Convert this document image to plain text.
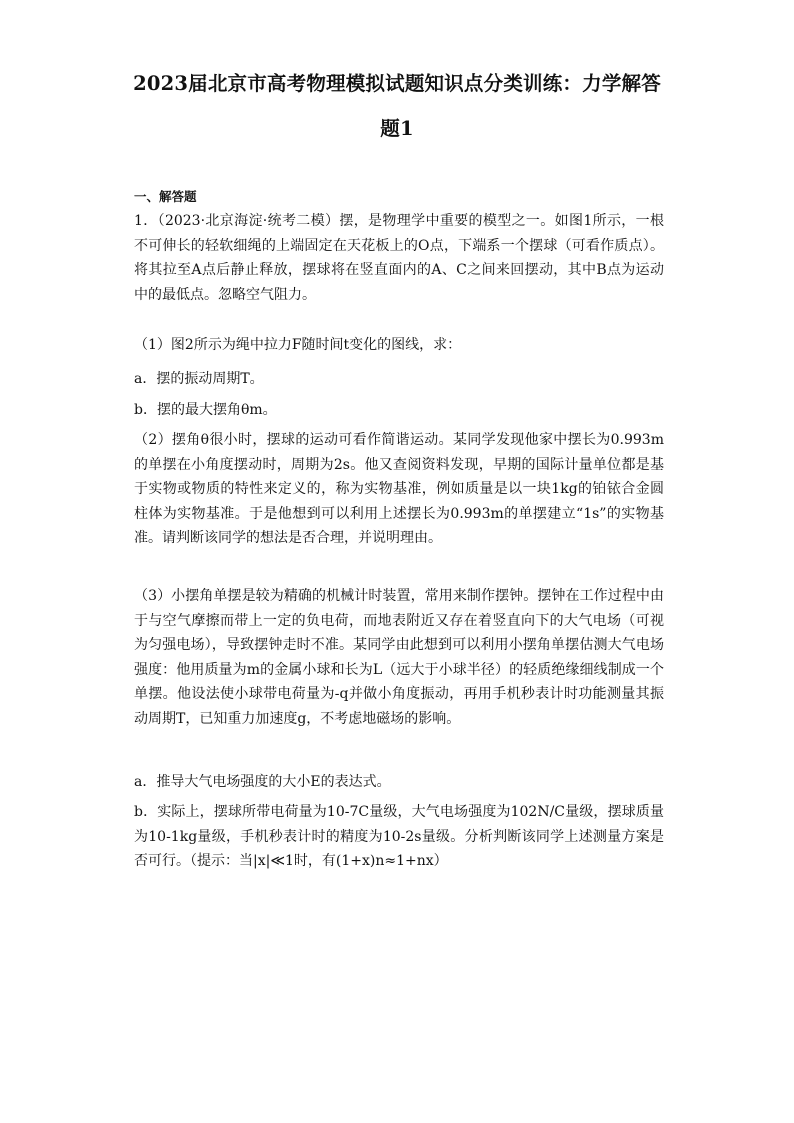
2023届北京市高考物理模拟试题知识点分类训练：力学解答
题1
一、解答题
1．（2023·北京海淀·统考二模）摆，是物理学中重要的模型之一。如图1所示，一根不可伸长的轻软细绳的上端固定在天花板上的O点，下端系一个摆球（可看作质点）。将其拉至A点后静止释放，摆球将在竖直面内的A、C之间来回摆动，其中B点为运动中的最低点。忽略空气阻力。
（1）图2所示为绳中拉力F随时间t变化的图线，求：
a．摆的振动周期T。
b．摆的最大摆角θm。
（2）摆角θ很小时，摆球的运动可看作简谐运动。某同学发现他家中摆长为0.993m的单摆在小角度摆动时，周期为2s。他又查阅资料发现，早期的国际计量单位都是基于实物或物质的特性来定义的，称为实物基准，例如质量是以一块1kg的铂铱合金圆柱体为实物基准。于是他想到可以利用上述摆长为0.993m的单摆建立“1s”的实物基准。请判断该同学的想法是否合理，并说明理由。
（3）小摆角单摆是较为精确的机械计时装置，常用来制作摆钟。摆钟在工作过程中由于与空气摩擦而带上一定的负电荷，而地表附近又存在着竖直向下的大气电场（可视为匀强电场），导致摆钟走时不准。某同学由此想到可以利用小摆角单摆估测大气电场强度：他用质量为m的金属小球和长为L（远大于小球半径）的轻质绝缘细线制成一个单摆。他设法使小球带电荷量为-q并做小角度振动，再用手机秒表计时功能测量其振动周期T，已知重力加速度g，不考虑地磁场的影响。
a．推导大气电场强度的大小E的表达式。
b．实际上，摆球所带电荷量为10-7C量级，大气电场强度为102N/C量级，摆球质量为10-1kg量级，手机秒表计时的精度为10-2s量级。分析判断该同学上述测量方案是否可行。（提示：当|x|≪1时，有(1+x)n≈1+nx）
